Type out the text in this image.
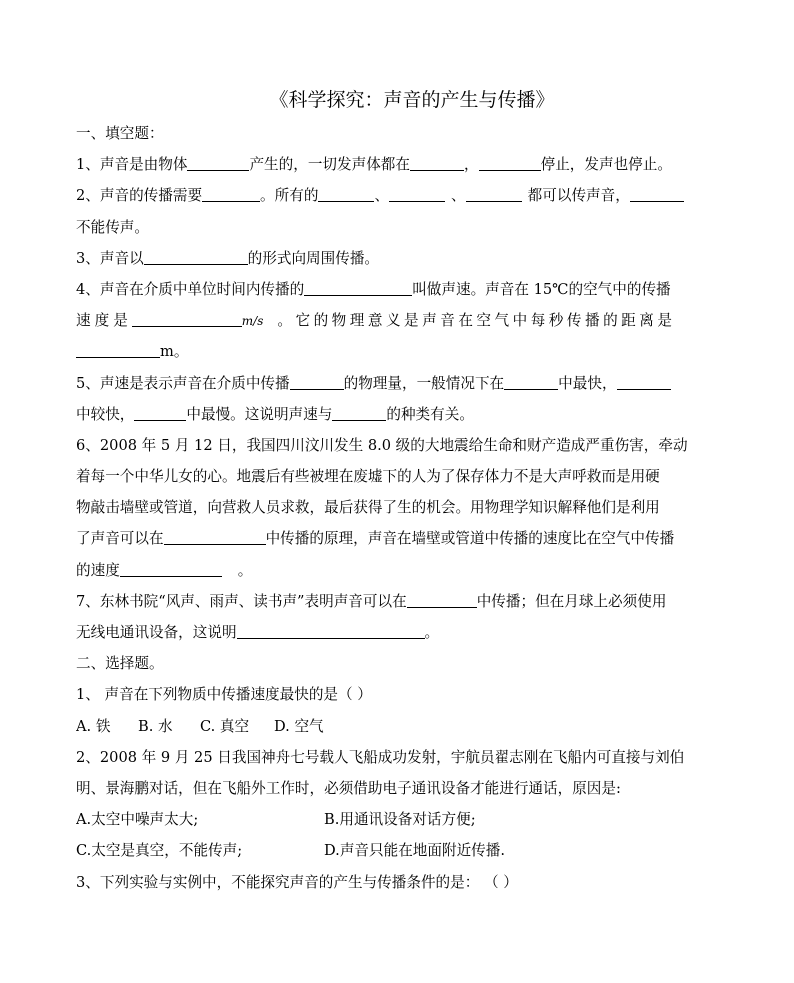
《科学探究：声音的产生与传播》
一、填空题：
1、声音是由物体	产生的，一切发声体都在	，	停止，发声也停止。
2、声音的传播需要	。所有的	、	、	都可以传声音，
不能传声。
3、声音以	的形式向周围传播。
4、声音在介质中单位时间内传播的	叫做声速。声音在 15℃的空气中的传播
速度是	m/s 。它的物理意义是声音在空气中每秒传播的距离是
m。
5、声速是表示声音在介质中传播	的物理量，一般情况下在	中最快，
中较快，	中最慢。这说明声速与	的种类有关。
6、2008 年 5 月 12 日，我国四川汶川发生 8.0 级的大地震给生命和财产造成严重伤害，牵动
着每一个中华儿女的心。地震后有些被埋在废墟下的人为了保存体力不是大声呼救而是用硬
物敲击墙壁或管道，向营救人员求救，最后获得了生的机会。用物理学知识解释他们是利用
了声音可以在	中传播的原理，声音在墙壁或管道中传播的速度比在空气中传播
的速度	。
7、东林书院“风声、雨声、读书声”表明声音可以在	中传播；但在月球上必须使用
无线电通讯设备，这说明	。
二、选择题。
1、 声音在下列物质中传播速度最快的是（ ）
A. 铁 B. 水 C. 真空 D. 空气
2、2008 年 9 月 25 日我国神舟七号载人飞船成功发射，宇航员翟志刚在飞船内可直接与刘伯
明、景海鹏对话，但在飞船外工作时，必须借助电子通讯设备才能进行通话，原因是:
A.太空中噪声太大;	B.用通讯设备对话方便;
C.太空是真空，不能传声;	D.声音只能在地面附近传播.
3、下列实验与实例中，不能探究声音的产生与传播条件的是： （ ）
